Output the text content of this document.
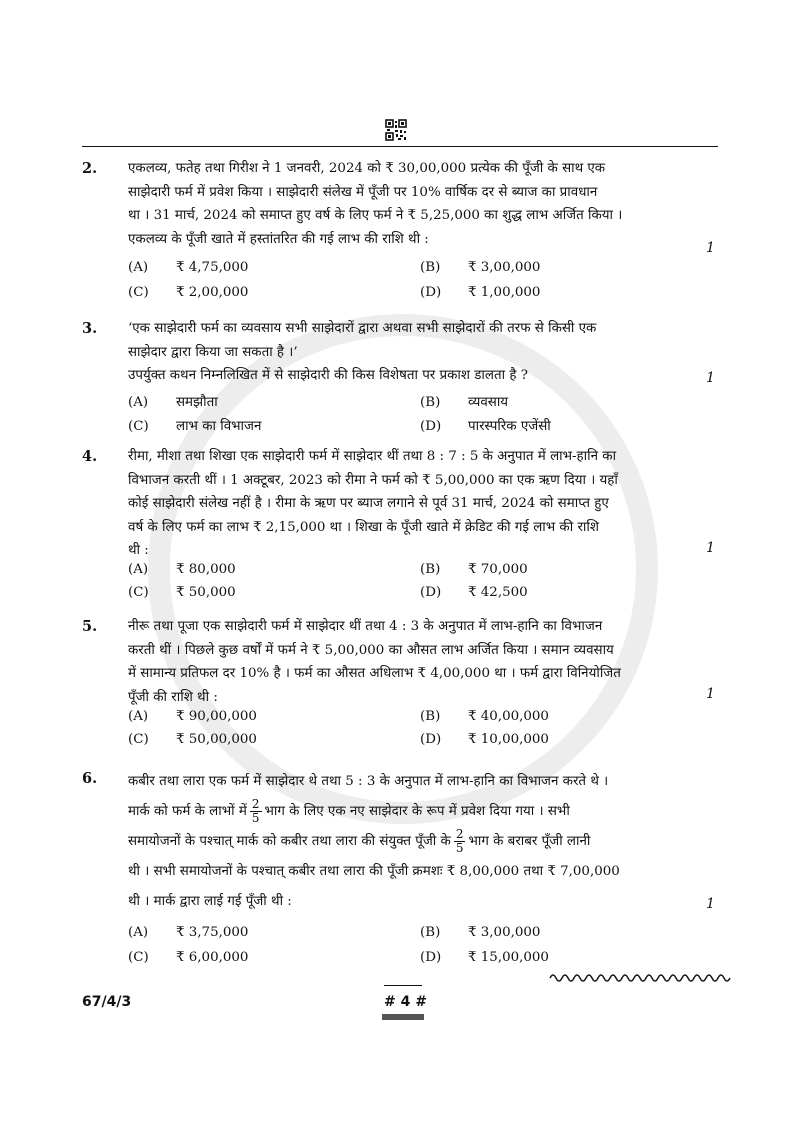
2. एकलव्य, फतेह तथा गिरीश ने 1 जनवरी, 2024 को ₹ 30,00,000 प्रत्येक की पूँजी के साथ एक
साझेदारी फर्म में प्रवेश किया । साझेदारी संलेख में पूँजी पर 10% वार्षिक दर से ब्याज का प्रावधान
था । 31 मार्च, 2024 को समाप्त हुए वर्ष के लिए फर्म ने ₹ 5,25,000 का शुद्ध लाभ अर्जित किया ।
एकलव्य के पूँजी खाते में हस्तांतरित की गई लाभ की राशि थी :
1
(A) ₹ 4,75,000	(B) ₹ 3,00,000
(C) ₹ 2,00,000	(D) ₹ 1,00,000
3. ‘एक साझेदारी फर्म का व्यवसाय सभी साझेदारों द्वारा अथवा सभी साझेदारों की तरफ से किसी एक
साझेदार द्वारा किया जा सकता है ।’
उपर्युक्त कथन निम्नलिखित में से साझेदारी की किस विशेषता पर प्रकाश डालता है ?	1
(A) समझौता	(B) व्यवसाय
(C) लाभ का विभाजन	(D) पारस्परिक एजेंसी
4. रीमा, मीशा तथा शिखा एक साझेदारी फर्म में साझेदार थीं तथा 8 : 7 : 5 के अनुपात में लाभ-हानि का
विभाजन करती थीं । 1 अक्टूबर, 2023 को रीमा ने फर्म को ₹ 5,00,000 का एक ऋण दिया । यहाँ
कोई साझेदारी संलेख नहीं है । रीमा के ऋण पर ब्याज लगाने से पूर्व 31 मार्च, 2024 को समाप्त हुए
वर्ष के लिए फर्म का लाभ ₹ 2,15,000 था । शिखा के पूँजी खाते में क्रेडिट की गई लाभ की राशि
थी :	1
(A) ₹ 80,000	(B) ₹ 70,000
(C) ₹ 50,000	(D) ₹ 42,500
5. नीरू तथा पूजा एक साझेदारी फर्म में साझेदार थीं तथा 4 : 3 के अनुपात में लाभ-हानि का विभाजन
करती थीं । पिछले कुछ वर्षों में फर्म ने ₹ 5,00,000 का औसत लाभ अर्जित किया । समान व्यवसाय
में सामान्य प्रतिफल दर 10% है । फर्म का औसत अधिलाभ ₹ 4,00,000 था । फर्म द्वारा विनियोजित
पूँजी की राशि थी :	1
(A) ₹ 90,00,000	(B) ₹ 40,00,000
(C) ₹ 50,00,000	(D) ₹ 10,00,000
6. कबीर तथा लारा एक फर्म में साझेदार थे तथा 5 : 3 के अनुपात में लाभ-हानि का विभाजन करते थे ।
मार्क को फर्म के लाभों में $\frac{2}{5}$ भाग के लिए एक नए साझेदार के रूप में प्रवेश दिया गया । सभी
समायोजनों के पश्चात् मार्क को कबीर तथा लारा की संयुक्त पूँजी के $\frac{2}{5}$ भाग के बराबर पूँजी लानी
थी । सभी समायोजनों के पश्चात् कबीर तथा लारा की पूँजी क्रमशः ₹ 8,00,000 तथा ₹ 7,00,000
थी । मार्क द्वारा लाई गई पूँजी थी :	1
(A) ₹ 3,75,000	(B) ₹ 3,00,000
(C) ₹ 6,00,000	(D) ₹ 15,00,000
67/4/3	# 4 #
